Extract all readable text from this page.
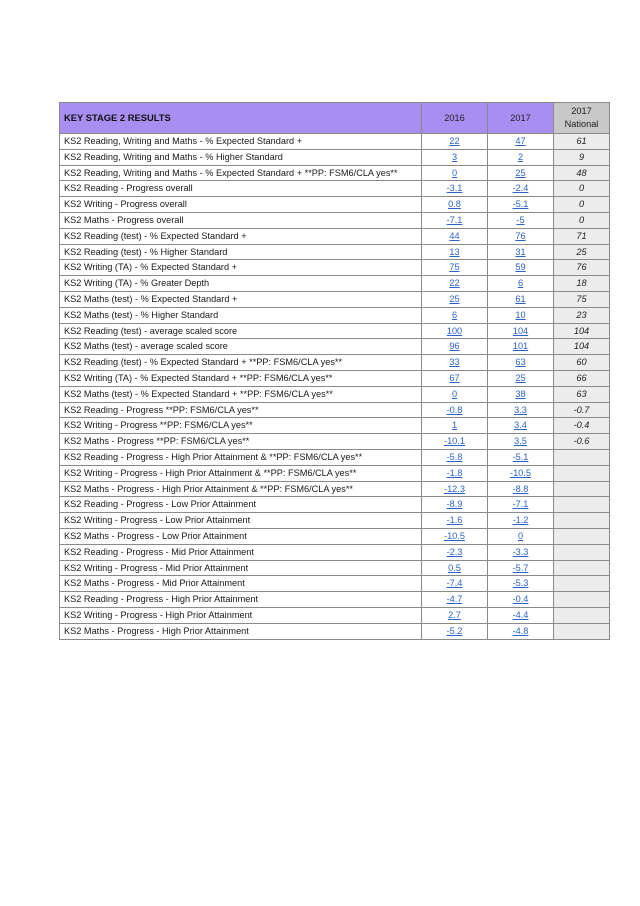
KEY STAGE 2 RESULTS	2016	2017	2017
National
KS2 Reading, Writing and Maths - % Expected Standard +	22	47	61
KS2 Reading, Writing and Maths - % Higher Standard	3	2	9
KS2 Reading, Writing and Maths - % Expected Standard + **PP: FSM6/CLA yes**	0	25	48
KS2 Reading - Progress overall	-3.1	-2.4	0
KS2 Writing - Progress overall	0.8	-5.1	0
KS2 Maths - Progress overall	-7.1	-5	0
KS2 Reading (test) - % Expected Standard +	44	76	71
KS2 Reading (test) - % Higher Standard	13	31	25
KS2 Writing (TA) - % Expected Standard +	75	59	76
KS2 Writing (TA) - % Greater Depth	22	6	18
KS2 Maths (test) - % Expected Standard +	25	61	75
KS2 Maths (test) - % Higher Standard	6	10	23
KS2 Reading (test) - average scaled score	100	104	104
KS2 Maths (test) - average scaled score	96	101	104
KS2 Reading (test) - % Expected Standard + **PP: FSM6/CLA yes**	33	63	60
KS2 Writing (TA) - % Expected Standard + **PP: FSM6/CLA yes**	67	25	66
KS2 Maths (test) - % Expected Standard + **PP: FSM6/CLA yes**	0	38	63
KS2 Reading - Progress **PP: FSM6/CLA yes**	-0.8	3.3	-0.7
KS2 Writing - Progress **PP: FSM6/CLA yes**	1	3.4	-0.4
KS2 Maths - Progress **PP: FSM6/CLA yes**	-10.1	3.5	-0.6
KS2 Reading - Progress - High Prior Attainment & **PP: FSM6/CLA yes**	-5.8	-5.1	
KS2 Writing - Progress - High Prior Attainment & **PP: FSM6/CLA yes**	-1.8	-10.5	
KS2 Maths - Progress - High Prior Attainment & **PP: FSM6/CLA yes**	-12.3	-8.8	
KS2 Reading - Progress - Low Prior Attainment	-8.9	-7.1	
KS2 Writing - Progress - Low Prior Attainment	-1.6	-1.2	
KS2 Maths - Progress - Low Prior Attainment	-10.5	0	
KS2 Reading - Progress - Mid Prior Attainment	-2.3	-3.3	
KS2 Writing - Progress - Mid Prior Attainment	0.5	-5.7	
KS2 Maths - Progress - Mid Prior Attainment	-7.4	-5.3	
KS2 Reading - Progress - High Prior Attainment	-4.7	-0.4	
KS2 Writing - Progress - High Prior Attainment	2.7	-4.4	
KS2 Maths - Progress - High Prior Attainment	-5.2	-4.8	
